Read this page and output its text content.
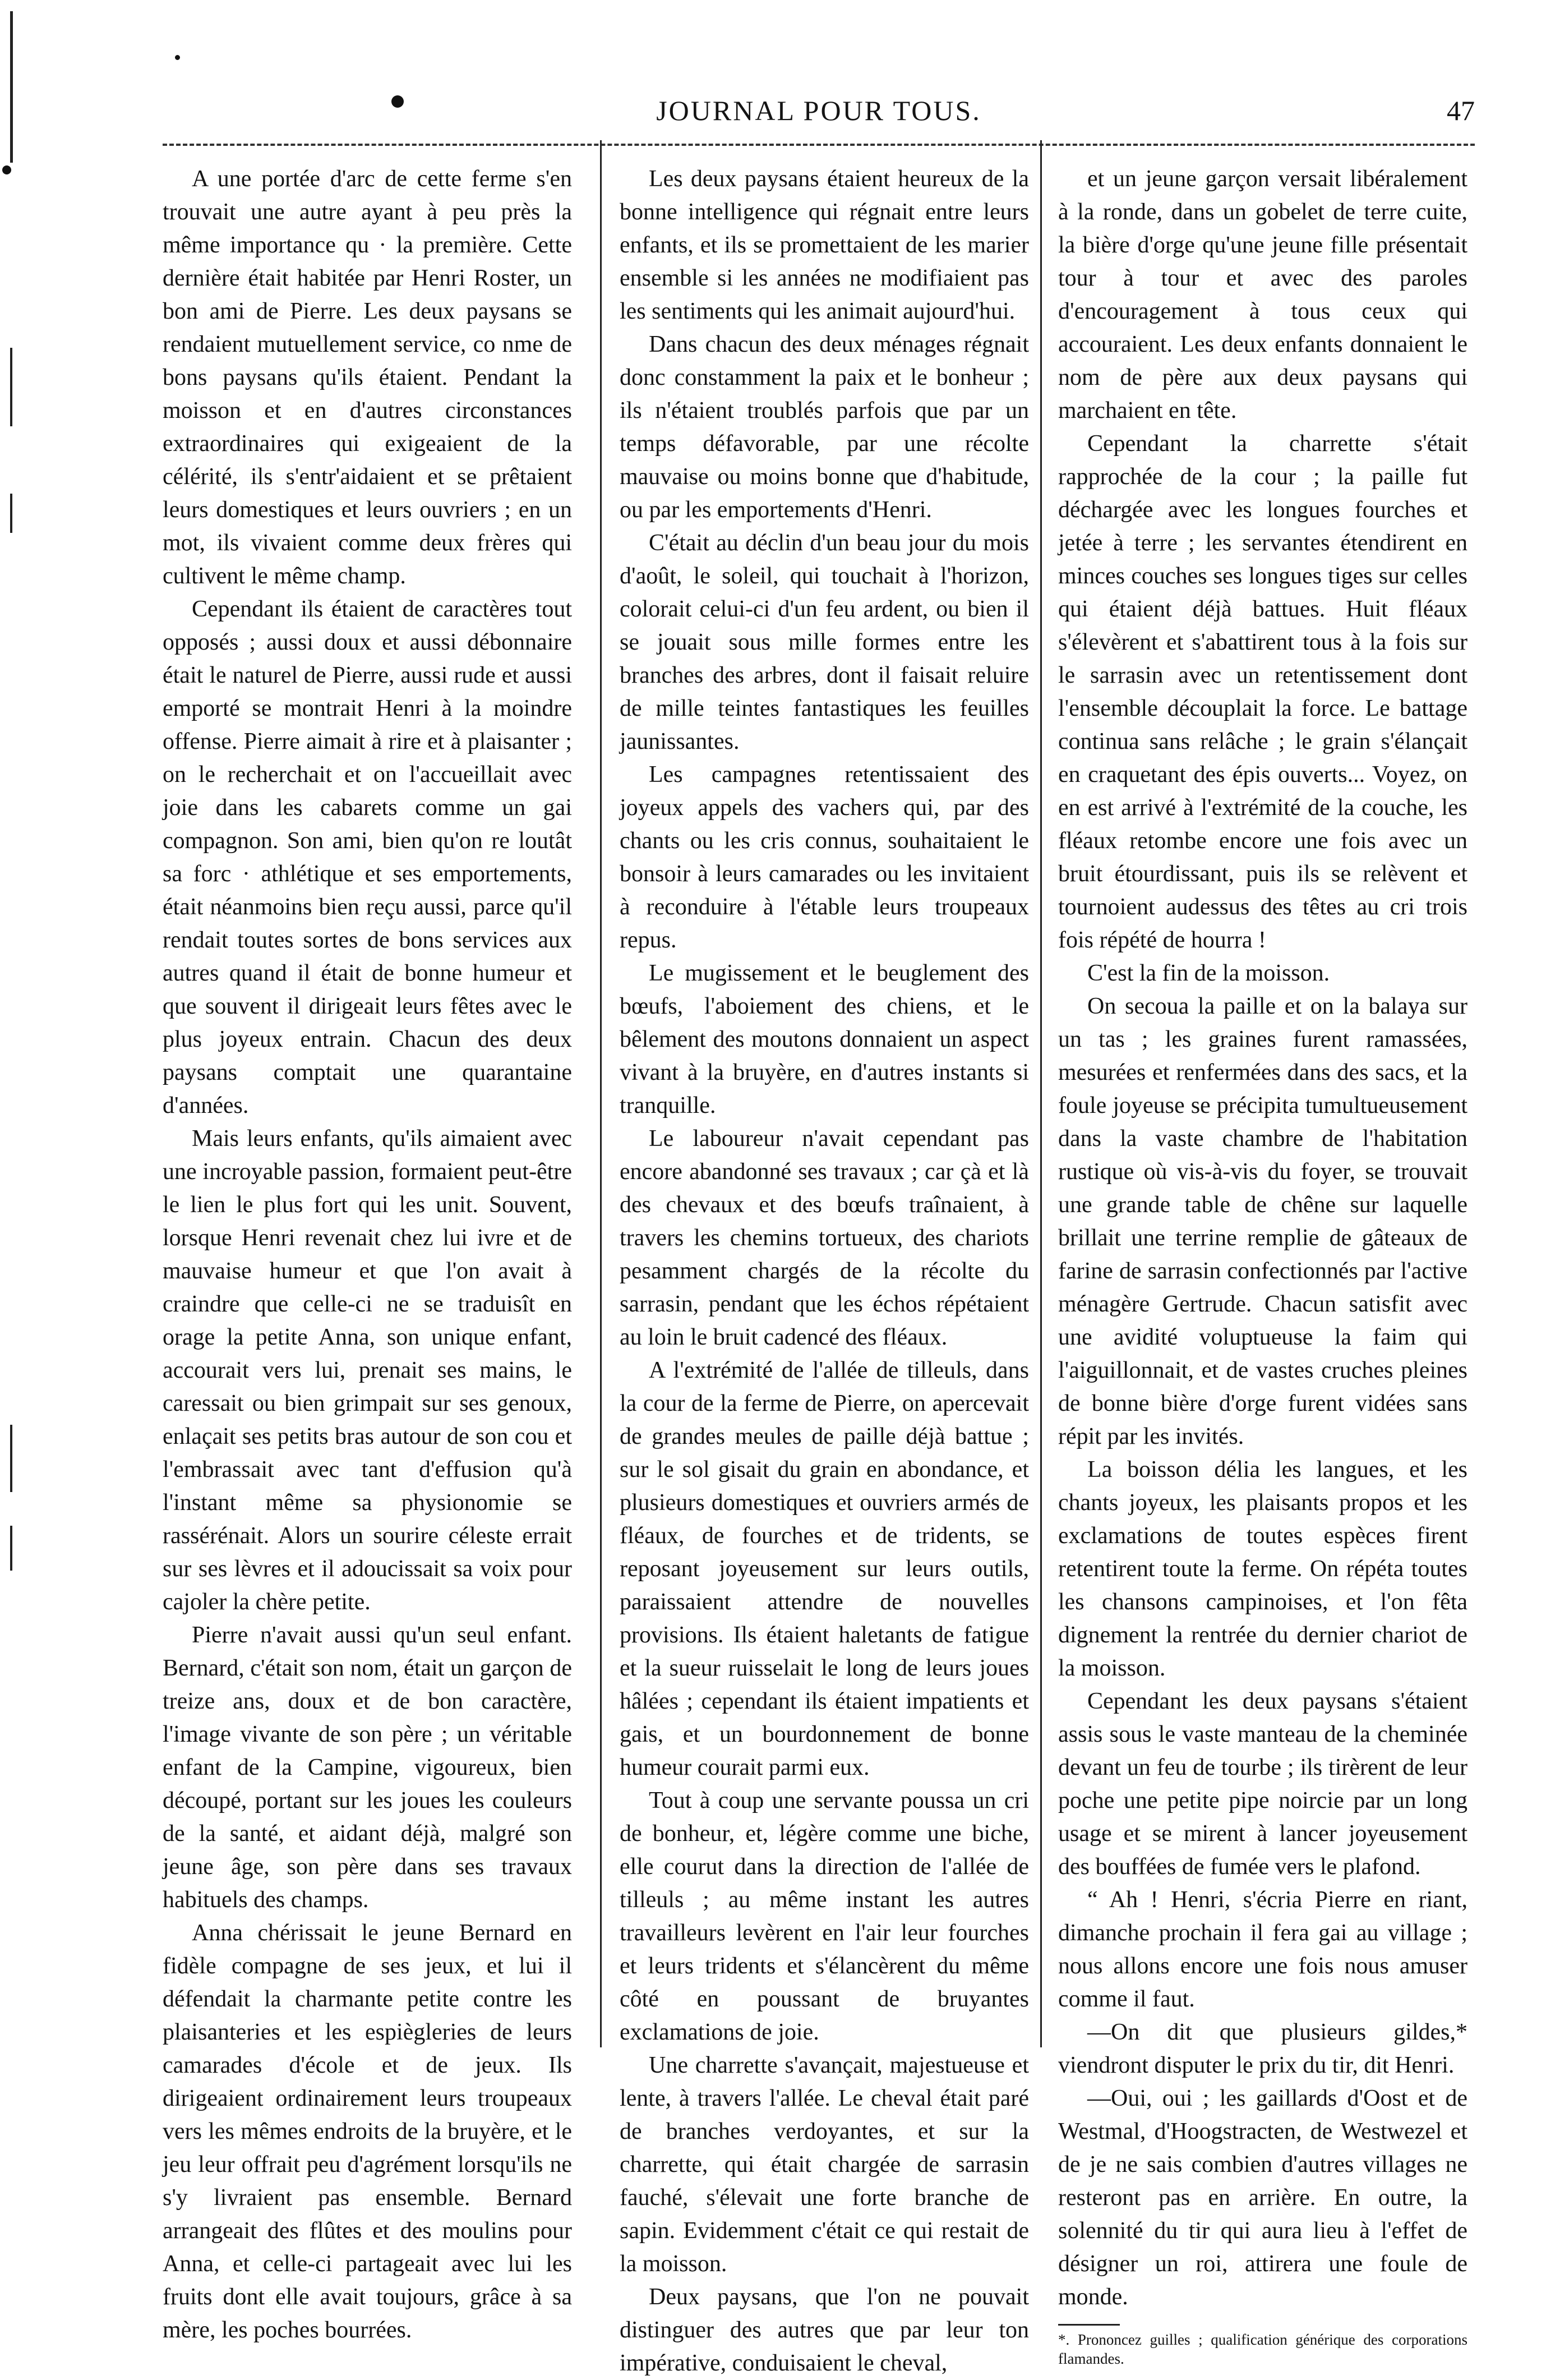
JOURNAL POUR TOUS.	47

A une portée d'arc de cette ferme s'en trouvait une autre ayant à peu près la même importance qu · la première. Cette dernière était habitée par Henri Roster, un bon ami de Pierre. Les deux paysans se rendaient mutuellement service, co nme de bons paysans qu'ils étaient. Pendant la moisson et en d'autres circonstances extraordinaires qui exigeaient de la célérité, ils s'entr'aidaient et se prêtaient leurs domestiques et leurs ouvriers ; en un mot, ils vivaient comme deux frères qui cultivent le même champ.

Cependant ils étaient de caractères tout opposés ; aussi doux et aussi débonnaire était le naturel de Pierre, aussi rude et aussi emporté se montrait Henri à la moindre offense. Pierre aimait à rire et à plaisanter ; on le recherchait et on l'accueillait avec joie dans les cabarets comme un gai compagnon. Son ami, bien qu'on re loutât sa forc · athlétique et ses emportements, était néanmoins bien reçu aussi, parce qu'il rendait toutes sortes de bons services aux autres quand il était de bonne humeur et que souvent il dirigeait leurs fêtes avec le plus joyeux entrain. Chacun des deux paysans comptait une quarantaine d'années.

Mais leurs enfants, qu'ils aimaient avec une incroyable passion, formaient peut-être le lien le plus fort qui les unit. Souvent, lorsque Henri revenait chez lui ivre et de mauvaise humeur et que l'on avait à craindre que celle-ci ne se traduisît en orage la petite Anna, son unique enfant, accourait vers lui, prenait ses mains, le caressait ou bien grimpait sur ses genoux, enlaçait ses petits bras autour de son cou et l'embrassait avec tant d'effusion qu'à l'instant même sa physionomie se rassérénait. Alors un sourire céleste errait sur ses lèvres et il adoucissait sa voix pour cajoler la chère petite.

Pierre n'avait aussi qu'un seul enfant. Bernard, c'était son nom, était un garçon de treize ans, doux et de bon caractère, l'image vivante de son père ; un véritable enfant de la Campine, vigoureux, bien découpé, portant sur les joues les couleurs de la santé, et aidant déjà, malgré son jeune âge, son père dans ses travaux habituels des champs.

Anna chérissait le jeune Bernard en fidèle compagne de ses jeux, et lui il défendait la charmante petite contre les plaisanteries et les espiègleries de leurs camarades d'école et de jeux. Ils dirigeaient ordinairement leurs troupeaux vers les mêmes endroits de la bruyère, et le jeu leur offrait peu d'agrément lorsqu'ils ne s'y livraient pas ensemble. Bernard arrangeait des flûtes et des moulins pour Anna, et celle-ci partageait avec lui les fruits dont elle avait toujours, grâce à sa mère, les poches bourrées.

Les deux paysans étaient heureux de la bonne intelligence qui régnait entre leurs enfants, et ils se promettaient de les marier ensemble si les années ne modifiaient pas les sentiments qui les animait aujourd'hui.

Dans chacun des deux ménages régnait donc constamment la paix et le bonheur ; ils n'étaient troublés parfois que par un temps défavorable, par une récolte mauvaise ou moins bonne que d'habitude, ou par les emportements d'Henri.

C'était au déclin d'un beau jour du mois d'août, le soleil, qui touchait à l'horizon, colorait celui-ci d'un feu ardent, ou bien il se jouait sous mille formes entre les branches des arbres, dont il faisait reluire de mille teintes fantastiques les feuilles jaunissantes.

Les campagnes retentissaient des joyeux appels des vachers qui, par des chants ou les cris connus, souhaitaient le bonsoir à leurs camarades ou les invitaient à reconduire à l'étable leurs troupeaux repus.

Le mugissement et le beuglement des bœufs, l'aboiement des chiens, et le bêlement des moutons donnaient un aspect vivant à la bruyère, en d'autres instants si tranquille.

Le laboureur n'avait cependant pas encore abandonné ses travaux ; car çà et là des chevaux et des bœufs traînaient, à travers les chemins tortueux, des chariots pesamment chargés de la récolte du sarrasin, pendant que les échos répétaient au loin le bruit cadencé des fléaux.

A l'extrémité de l'allée de tilleuls, dans la cour de la ferme de Pierre, on apercevait de grandes meules de paille déjà battue ; sur le sol gisait du grain en abondance, et plusieurs domestiques et ouvriers armés de fléaux, de fourches et de tridents, se reposant joyeusement sur leurs outils, paraissaient attendre de nouvelles provisions. Ils étaient haletants de fatigue et la sueur ruisselait le long de leurs joues hâlées ; cependant ils étaient impatients et gais, et un bourdonnement de bonne humeur courait parmi eux.

Tout à coup une servante poussa un cri de bonheur, et, légère comme une biche, elle courut dans la direction de l'allée de tilleuls ; au même instant les autres travailleurs levèrent en l'air leur fourches et leurs tridents et s'élancèrent du même côté en poussant de bruyantes exclamations de joie.

Une charrette s'avançait, majestueuse et lente, à travers l'allée. Le cheval était paré de branches verdoyantes, et sur la charrette, qui était chargée de sarrasin fauché, s'élevait une forte branche de sapin. Evidemment c'était ce qui restait de la moisson.

Deux paysans, que l'on ne pouvait distinguer des autres que par leur ton impérative, conduisaient le cheval,

et un jeune garçon versait libéralement à la ronde, dans un gobelet de terre cuite, la bière d'orge qu'une jeune fille présentait tour à tour et avec des paroles d'encouragement à tous ceux qui accouraient. Les deux enfants donnaient le nom de père aux deux paysans qui marchaient en tête.

Cependant la charrette s'était rapprochée de la cour ; la paille fut déchargée avec les longues fourches et jetée à terre ; les servantes étendirent en minces couches ses longues tiges sur celles qui étaient déjà battues. Huit fléaux s'élevèrent et s'abattirent tous à la fois sur le sarrasin avec un retentissement dont l'ensemble découplait la force. Le battage continua sans relâche ; le grain s'élançait en craquetant des épis ouverts... Voyez, on en est arrivé à l'extrémité de la couche, les fléaux retombe encore une fois avec un bruit étourdissant, puis ils se relèvent et tournoient audessus des têtes au cri trois fois répété de hourra !

C'est la fin de la moisson.

On secoua la paille et on la balaya sur un tas ; les graines furent ramassées, mesurées et renfermées dans des sacs, et la foule joyeuse se précipita tumultueusement dans la vaste chambre de l'habitation rustique où vis-à-vis du foyer, se trouvait une grande table de chêne sur laquelle brillait une terrine remplie de gâteaux de farine de sarrasin confectionnés par l'active ménagère Gertrude. Chacun satisfit avec une avidité voluptueuse la faim qui l'aiguillonnait, et de vastes cruches pleines de bonne bière d'orge furent vidées sans répit par les invités.

La boisson délia les langues, et les chants joyeux, les plaisants propos et les exclamations de toutes espèces firent retentirent toute la ferme. On répéta toutes les chansons campinoises, et l'on fêta dignement la rentrée du dernier chariot de la moisson.

Cependant les deux paysans s'étaient assis sous le vaste manteau de la cheminée devant un feu de tourbe ; ils tirèrent de leur poche une petite pipe noircie par un long usage et se mirent à lancer joyeusement des bouffées de fumée vers le plafond.

“ Ah ! Henri, s'écria Pierre en riant, dimanche prochain il fera gai au village ; nous allons encore une fois nous amuser comme il faut.

—On dit que plusieurs gildes,* viendront disputer le prix du tir, dit Henri.

—Oui, oui ; les gaillards d'Oost et de Westmal, d'Hoogstracten, de Westwezel et de je ne sais combien d'autres villages ne resteront pas en arrière. En outre, la solennité du tir qui aura lieu à l'effet de désigner un roi, attirera une foule de monde.

*. Prononcez guilles ; qualification générique des corporations flamandes.
